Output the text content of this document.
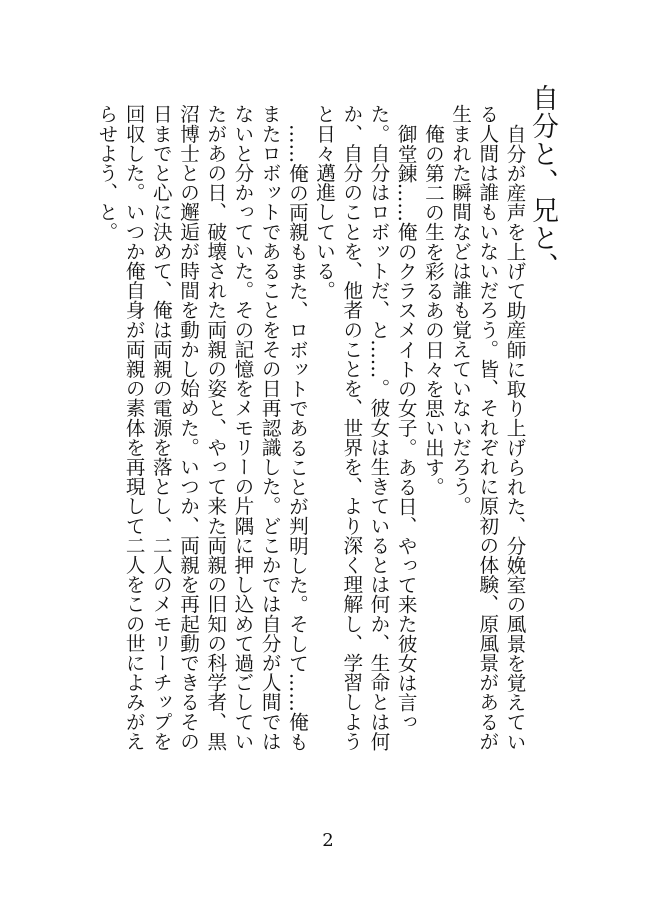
自分と、兄と、

自分が産声を上げて助産師に取り上げられた、分娩室の風景を覚えている人間は誰もいないだろう。皆、それぞれに原初の体験、原風景があるが生まれた瞬間などは誰も覚えていないだろう。

俺の第二の生を彩るあの日々を思い出す。

御堂錬……俺のクラスメイトの女子。ある日、やって来た彼女は言った。自分はロボットだ、と……。彼女は生きているとは何か、生命とは何か、自分のことを、他者のことを、世界を、より深く理解し、学習しようと日々邁進している。

……俺の両親もまた、ロボットであることが判明した。そして……俺もまたロボットであることをその日再認識した。どこかでは自分が人間ではないと分かっていた。その記憶をメモリーの片隅に押し込めて過ごしていたがあの日、破壊された両親の姿と、やって来た両親の旧知の科学者、黒沼博士との邂逅が時間を動かし始めた。いつか、両親を再起動できるその日までと心に決めて、俺は両親の電源を落とし、二人のメモリーチップを回収した。いつか俺自身が両親の素体を再現して二人をこの世によみがえらせよう、と。

2
